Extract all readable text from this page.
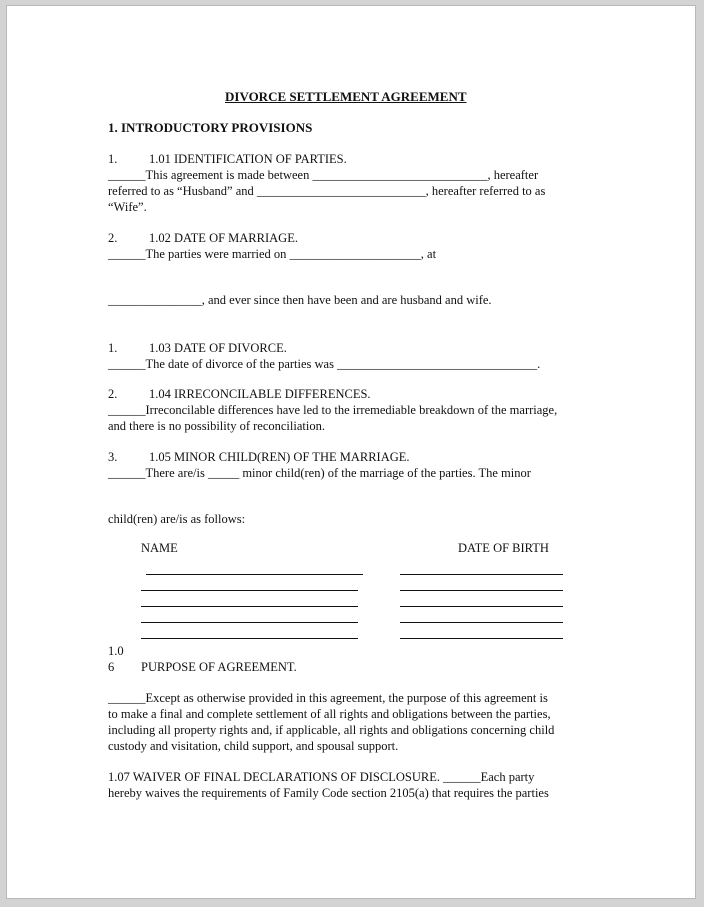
DIVORCE SETTLEMENT AGREEMENT

1. INTRODUCTORY PROVISIONS

1.	1.01 IDENTIFICATION OF PARTIES.

______This agreement is made between ____________________________, hereafter

referred to as “Husband” and ___________________________, hereafter referred to as

“Wife”.

2.	1.02 DATE OF MARRIAGE.

______The parties were married on _____________________, at

_______________, and ever since then have been and are husband and wife.

1.	1.03 DATE OF DIVORCE.

______The date of divorce of the parties was ________________________________.

2.	1.04 IRRECONCILABLE DIFFERENCES.

______Irreconcilable differences have led to the irremediable breakdown of the marriage,

and there is no possibility of reconciliation.

3.	1.05 MINOR CHILD(REN) OF THE MARRIAGE.

______There are/is _____ minor child(ren) of the marriage of the parties. The minor

child(ren) are/is as follows:

NAME	DATE OF BIRTH

1.0

6 PURPOSE OF AGREEMENT.

______Except as otherwise provided in this agreement, the purpose of this agreement is

to make a final and complete settlement of all rights and obligations between the parties,

including all property rights and, if applicable, all rights and obligations concerning child

custody and visitation, child support, and spousal support.

1.07 WAIVER OF FINAL DECLARATIONS OF DISCLOSURE. ______Each party

hereby waives the requirements of Family Code section 2105(a) that requires the parties
